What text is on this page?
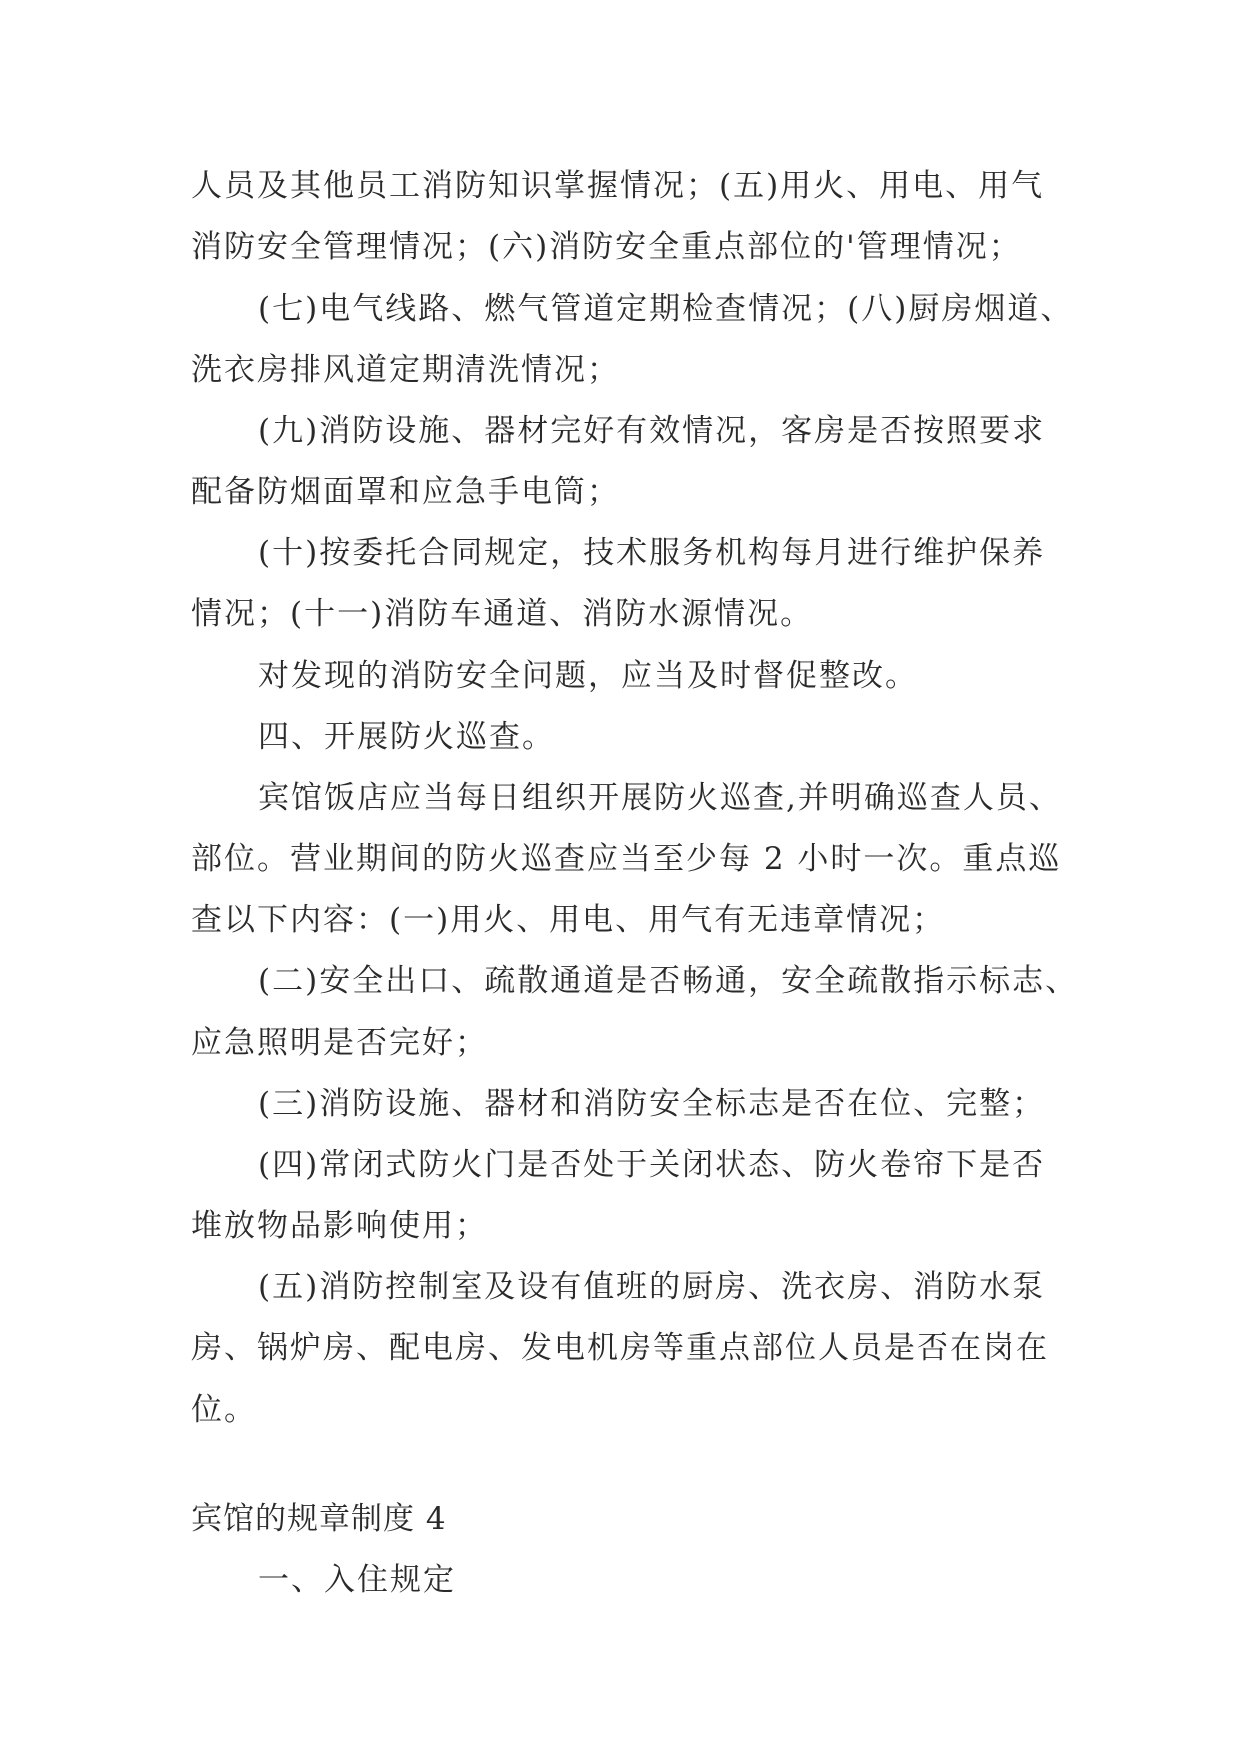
人员及其他员工消防知识掌握情况；(五)用火、用电、用气
消防安全管理情况；(六)消防安全重点部位的'管理情况；
(七)电气线路、燃气管道定期检查情况；(八)厨房烟道、
洗衣房排风道定期清洗情况；
(九)消防设施、器材完好有效情况，客房是否按照要求
配备防烟面罩和应急手电筒；
(十)按委托合同规定，技术服务机构每月进行维护保养
情况；(十一)消防车通道、消防水源情况。
对发现的消防安全问题，应当及时督促整改。
四、开展防火巡查。
宾馆饭店应当每日组织开展防火巡查,并明确巡查人员、
部位。营业期间的防火巡查应当至少每 2 小时一次。重点巡
查以下内容：(一)用火、用电、用气有无违章情况；
(二)安全出口、疏散通道是否畅通，安全疏散指示标志、
应急照明是否完好；
(三)消防设施、器材和消防安全标志是否在位、完整；
(四)常闭式防火门是否处于关闭状态、防火卷帘下是否
堆放物品影响使用；
(五)消防控制室及设有值班的厨房、洗衣房、消防水泵
房、锅炉房、配电房、发电机房等重点部位人员是否在岗在
位。
宾馆的规章制度 4
一、入住规定
